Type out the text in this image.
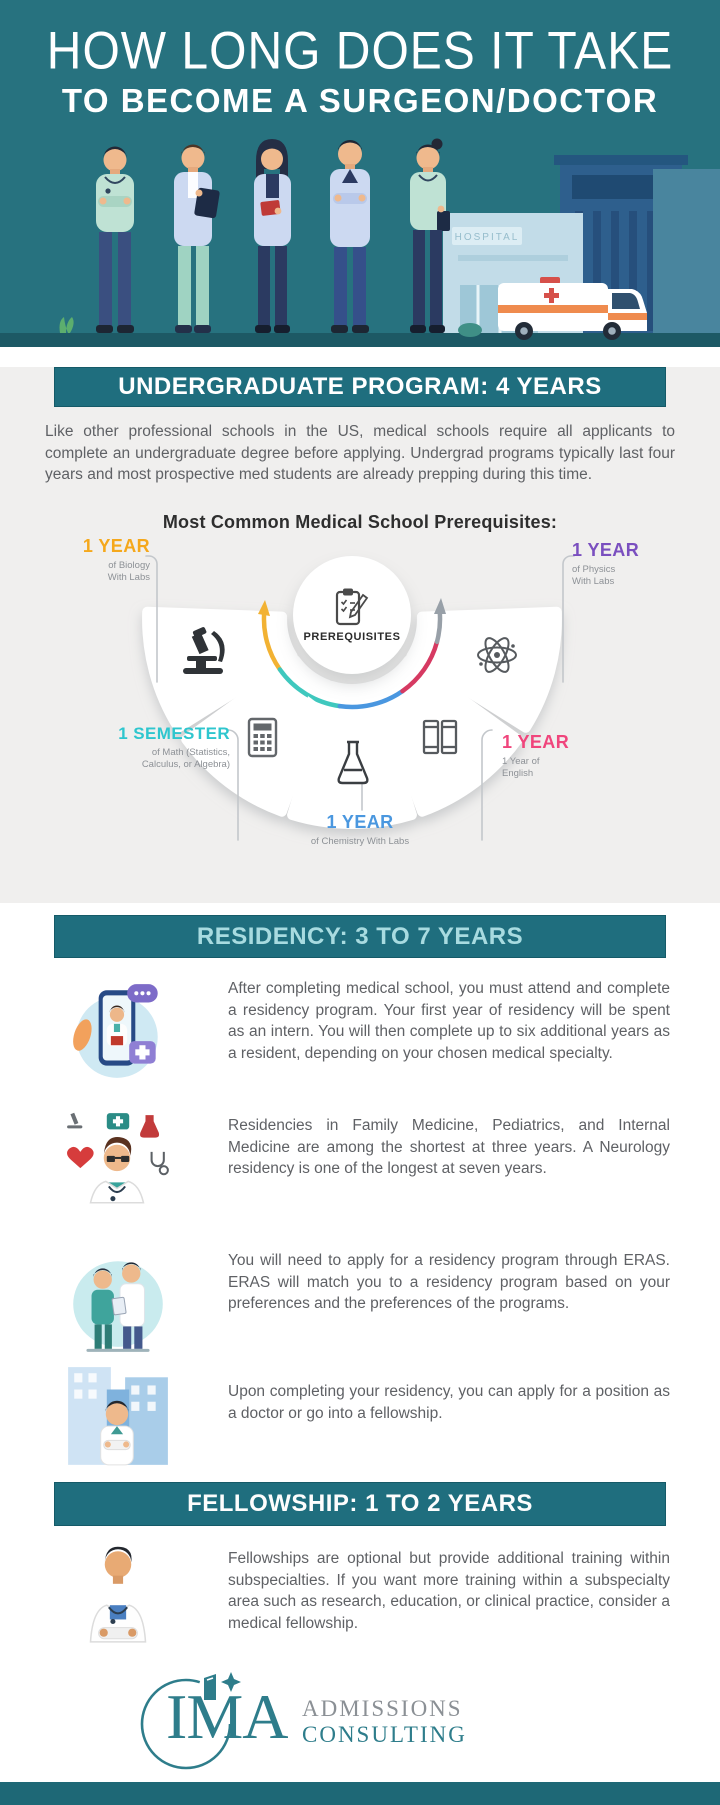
HOW LONG DOES IT TAKE
TO BECOME A SURGEON/DOCTOR
HOSPITAL
UNDERGRADUATE PROGRAM: 4 YEARS

Like other professional schools in the US, medical schools require all applicants to complete an undergraduate degree before applying. Undergrad programs typically last four years and most prospective med students are already prepping during this time.

Most Common Medical School Prerequisites:
PREREQUISITES
1 YEAR
of Biology
With Labs
1 YEAR
of Physics
With Labs
1 SEMESTER
of Math (Statistics,
Calculus, or Algebra)
1 YEAR
1 Year of
English
1 YEAR
of Chemistry With Labs
RESIDENCY: 3 TO 7 YEARS

After completing medical school, you must attend and complete a residency program. Your first year of residency will be spent as an intern. You will then complete up to six additional years as a resident, depending on your chosen medical specialty.

Residencies in Family Medicine, Pediatrics, and Internal Medicine are among the shortest at three years. A Neurology residency is one of the longest at seven years.

You will need to apply for a residency program through ERAS. ERAS will match you to a residency program based on your preferences and the preferences of the programs.

Upon completing your residency, you can apply for a position as a doctor or go into a fellowship.

FELLOWSHIP: 1 TO 2 YEARS

Fellowships are optional but provide additional training within subspecialties. If you want more training within a subspecialty area such as research, education, or clinical practice, consider a medical fellowship.

IMA ADMISSIONS
CONSULTING
